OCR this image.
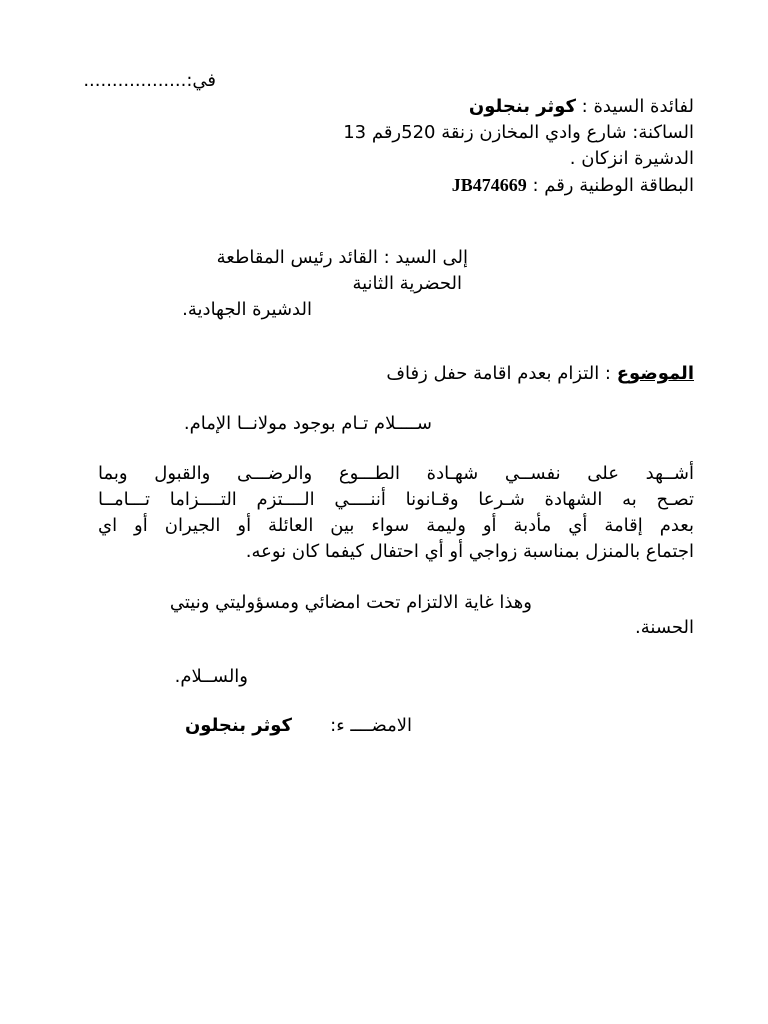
في:..................
لفائدة السيدة : كوثر بنجلون
الساكنة: شارع وادي المخازن زنقة 520رقم 13
الدشيرة انزكان .
البطاقة الوطنية رقم : JB474669
إلى السيد : القائد رئيس المقاطعة
الحضرية الثانية
الدشيرة الجهادية.
الموضوع : التزام بعدم اقامة حفل زفاف
ســــلام تـام بوجود مولانــا الإمام.
أشــهد على نفســي شهـادة الطـــوع والرضـــى والقبول وبما
تصـح به الشهادة شـرعا وقـانونا أننــــي الــــتزم التــــزاما تـــامــا
بعدم إقامة أي مأدبة أو وليمة سواء بين العائلة أو الجيران أو اي
اجتماع بالمنزل بمناسبة زواجي أو أي احتفال كيفما كان نوعه.
وهذا غاية الالتزام تحت امضائي ومسؤوليتي ونيتي
الحسنة.
والســلام.
الامضــــ ء:
كوثر بنجلون
